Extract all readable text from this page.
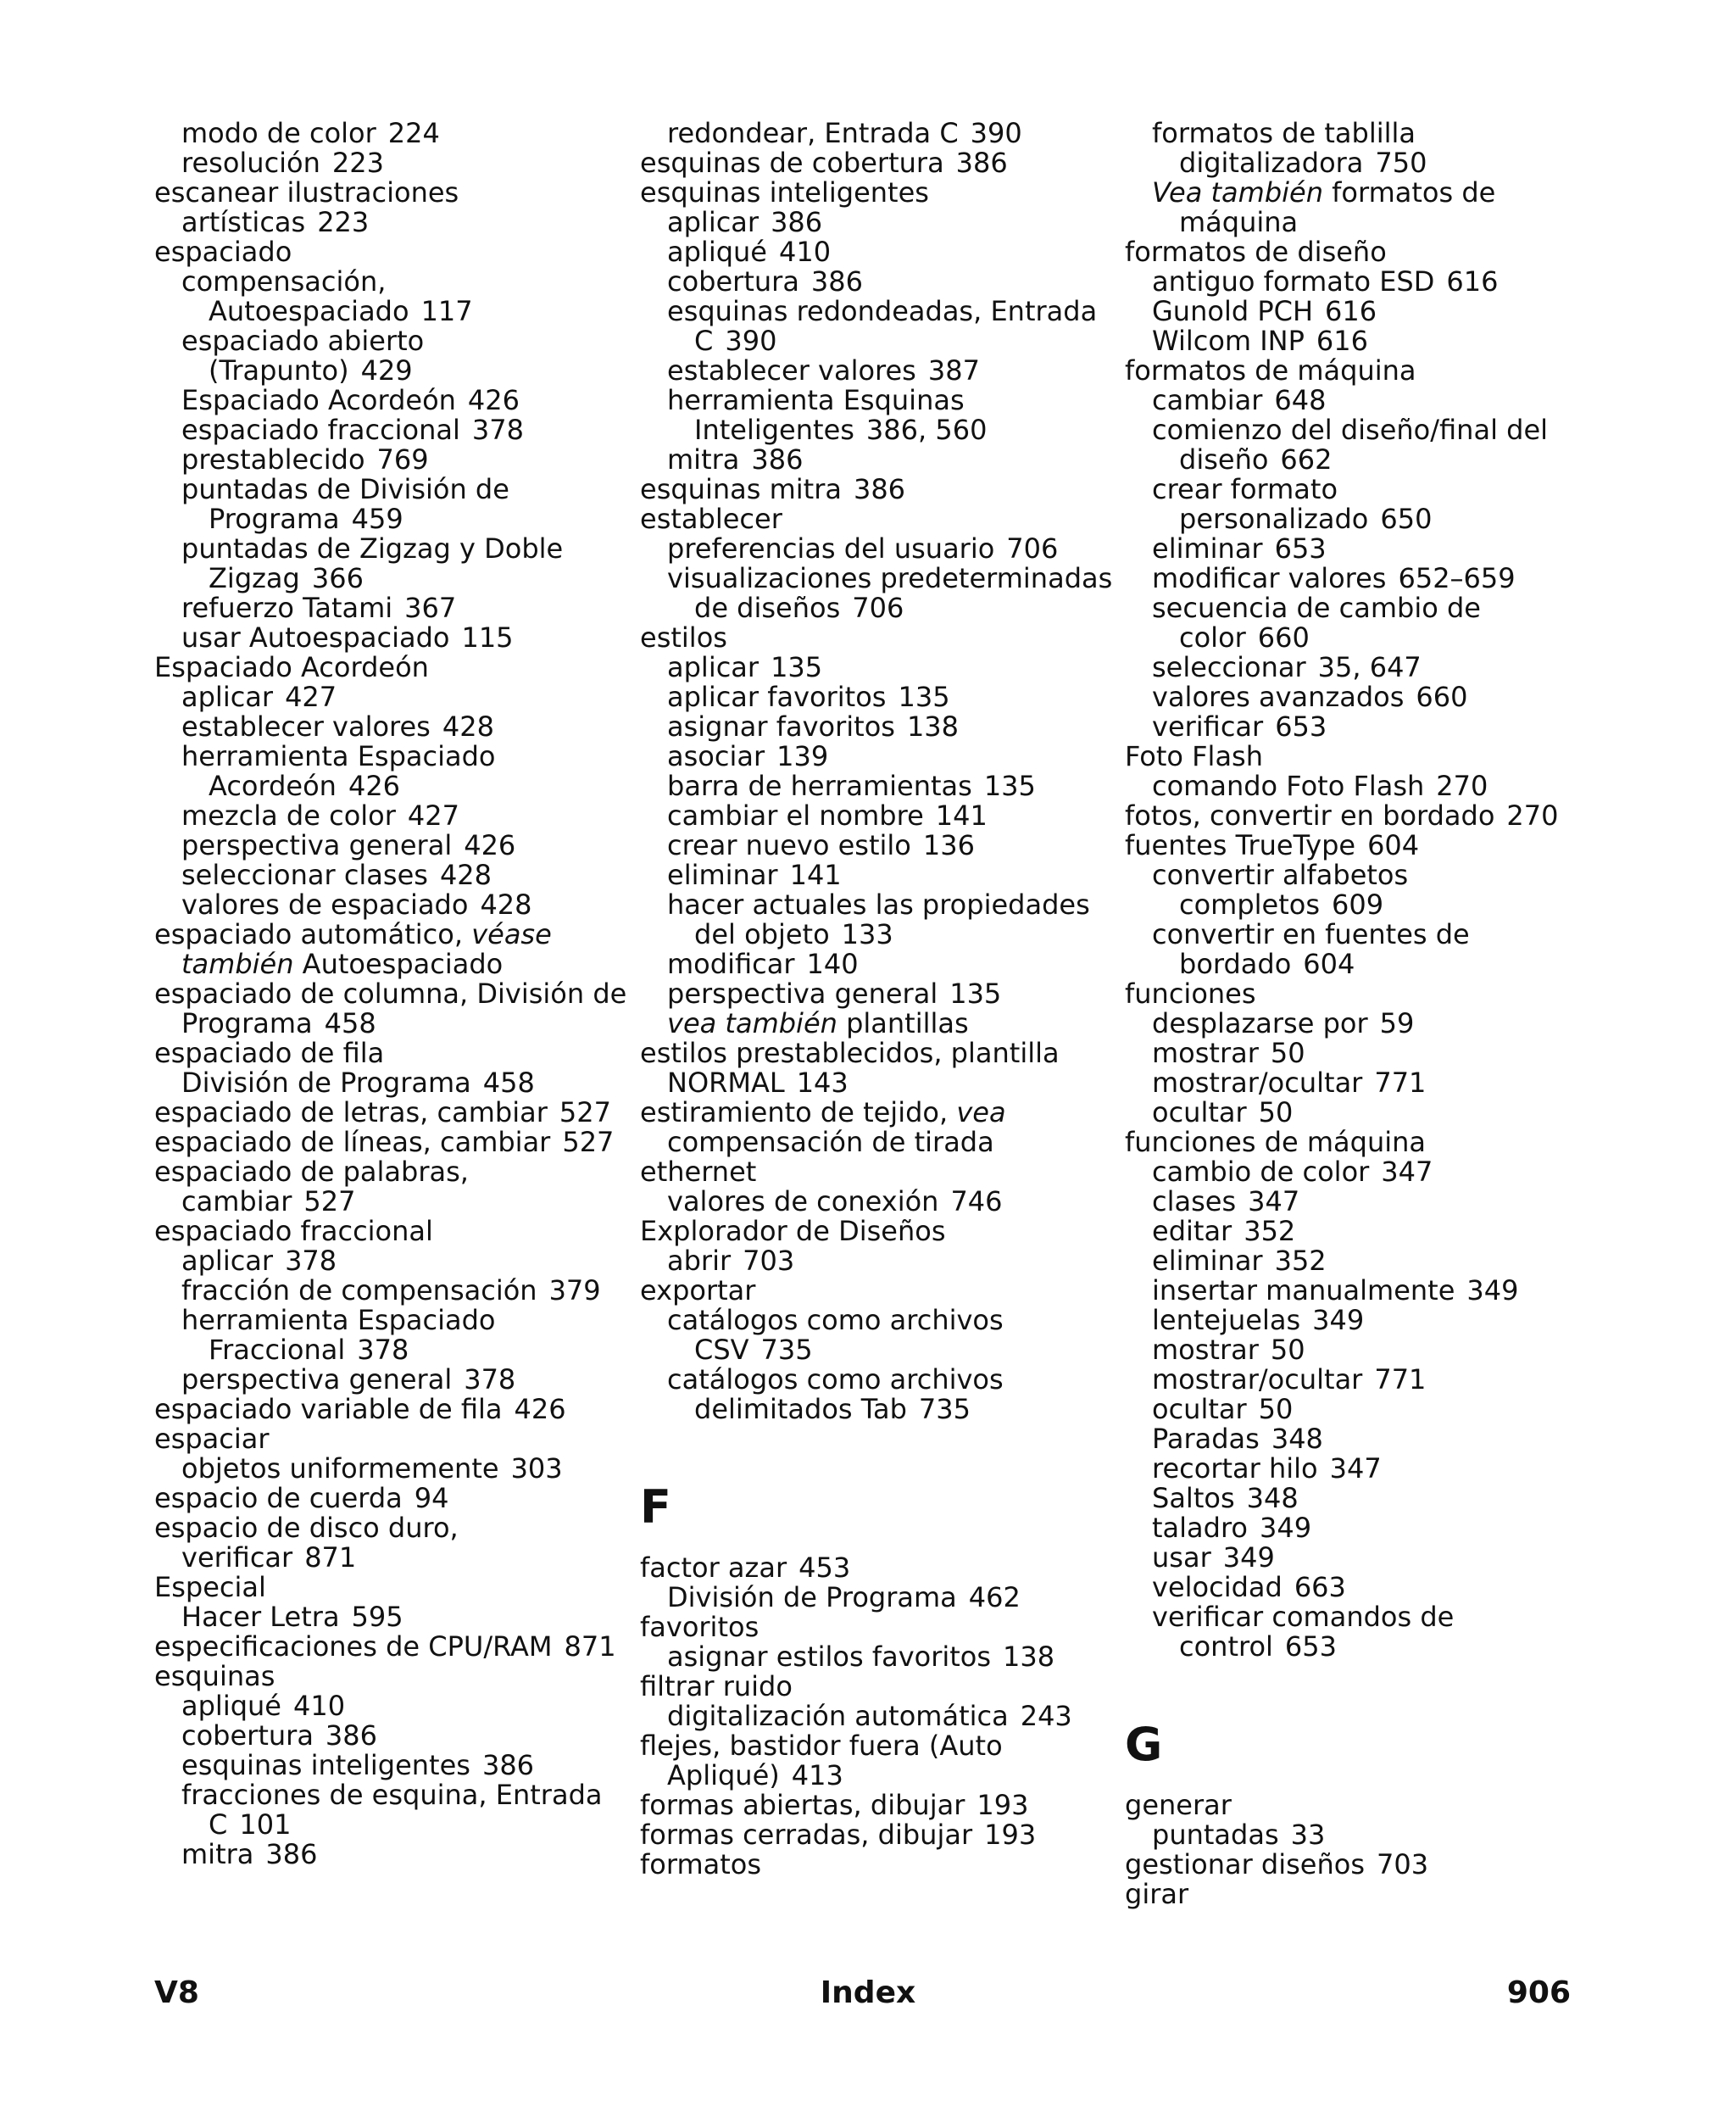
modo de color 224
resolución 223
escanear ilustraciones
artísticas 223
espaciado
compensación,
Autoespaciado 117
espaciado abierto
(Trapunto) 429
Espaciado Acordeón 426
espaciado fraccional 378
prestablecido 769
puntadas de División de
Programa 459
puntadas de Zigzag y Doble
Zigzag 366
refuerzo Tatami 367
usar Autoespaciado 115
Espaciado Acordeón
aplicar 427
establecer valores 428
herramienta Espaciado
Acordeón 426
mezcla de color 427
perspectiva general 426
seleccionar clases 428
valores de espaciado 428
espaciado automático, véase
también Autoespaciado
espaciado de columna, División de
Programa 458
espaciado de fila
División de Programa 458
espaciado de letras, cambiar 527
espaciado de líneas, cambiar 527
espaciado de palabras,
cambiar 527
espaciado fraccional
aplicar 378
fracción de compensación 379
herramienta Espaciado
Fraccional 378
perspectiva general 378
espaciado variable de fila 426
espaciar
objetos uniformemente 303
espacio de cuerda 94
espacio de disco duro,
verificar 871
Especial
Hacer Letra 595
especificaciones de CPU/RAM 871
esquinas
apliqué 410
cobertura 386
esquinas inteligentes 386
fracciones de esquina, Entrada
C 101
mitra 386
redondear, Entrada C 390
esquinas de cobertura 386
esquinas inteligentes
aplicar 386
apliqué 410
cobertura 386
esquinas redondeadas, Entrada
C 390
establecer valores 387
herramienta Esquinas
Inteligentes 386, 560
mitra 386
esquinas mitra 386
establecer
preferencias del usuario 706
visualizaciones predeterminadas
de diseños 706
estilos
aplicar 135
aplicar favoritos 135
asignar favoritos 138
asociar 139
barra de herramientas 135
cambiar el nombre 141
crear nuevo estilo 136
eliminar 141
hacer actuales las propiedades
del objeto 133
modificar 140
perspectiva general 135
vea también plantillas
estilos prestablecidos, plantilla
NORMAL 143
estiramiento de tejido, vea
compensación de tirada
ethernet
valores de conexión 746
Explorador de Diseños
abrir 703
exportar
catálogos como archivos
CSV 735
catálogos como archivos
delimitados Tab 735
F
factor azar 453
División de Programa 462
favoritos
asignar estilos favoritos 138
filtrar ruido
digitalización automática 243
flejes, bastidor fuera (Auto
Apliqué) 413
formas abiertas, dibujar 193
formas cerradas, dibujar 193
formatos
formatos de tablilla
digitalizadora 750
Vea también formatos de
máquina
formatos de diseño
antiguo formato ESD 616
Gunold PCH 616
Wilcom INP 616
formatos de máquina
cambiar 648
comienzo del diseño/final del
diseño 662
crear formato
personalizado 650
eliminar 653
modificar valores 652–659
secuencia de cambio de
color 660
seleccionar 35, 647
valores avanzados 660
verificar 653
Foto Flash
comando Foto Flash 270
fotos, convertir en bordado 270
fuentes TrueType 604
convertir alfabetos
completos 609
convertir en fuentes de
bordado 604
funciones
desplazarse por 59
mostrar 50
mostrar/ocultar 771
ocultar 50
funciones de máquina
cambio de color 347
clases 347
editar 352
eliminar 352
insertar manualmente 349
lentejuelas 349
mostrar 50
mostrar/ocultar 771
ocultar 50
Paradas 348
recortar hilo 347
Saltos 348
taladro 349
usar 349
velocidad 663
verificar comandos de
control 653
G
generar
puntadas 33
gestionar diseños 703
girar
V8	Index	906
